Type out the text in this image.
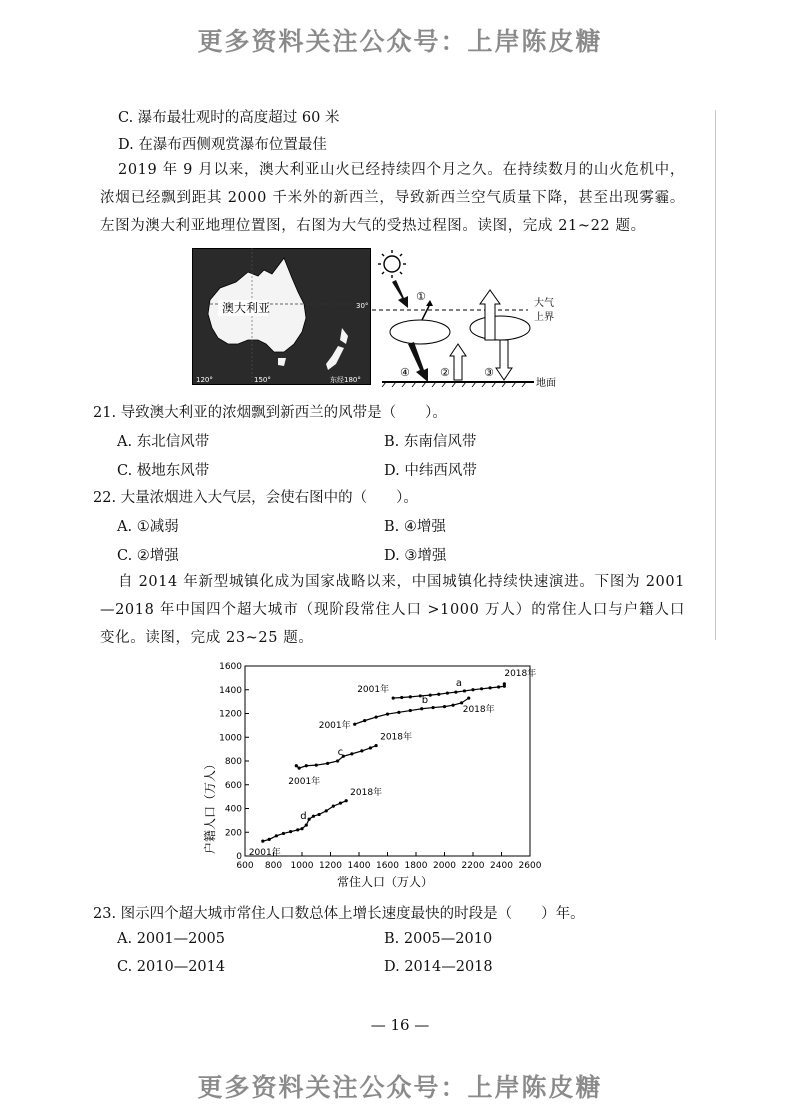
更多资料关注公众号：上岸陈皮糖
更多资料关注公众号：上岸陈皮糖
C. 瀑布最壮观时的高度超过 60 米
D. 在瀑布西侧观赏瀑布位置最佳
2019 年 9 月以来，澳大利亚山火已经持续四个月之久。在持续数月的山火危机中，浓烟已经飘到距其 2000 千米外的新西兰，导致新西兰空气质量下降，甚至出现雾霾。左图为澳大利亚地理位置图，右图为大气的受热过程图。读图，完成 21~22 题。
澳大利亚	30°
120°	150°	东经180°
大气
上界
①
④	②	③
地面
21. 导致澳大利亚的浓烟飘到新西兰的风带是（　　）。
A. 东北信风带	B. 东南信风带
C. 极地东风带	D. 中纬西风带
22. 大量浓烟进入大气层，会使右图中的（　　）。
A. ①减弱	B. ④增强
C. ②增强	D. ③增强
自 2014 年新型城镇化成为国家战略以来，中国城镇化持续快速演进。下图为 2001—2018 年中国四个超大城市（现阶段常住人口 >1000 万人）的常住人口与户籍人口变化。读图，完成 23~25 题。
600 800 1000 1200 1400 1600 1800 2000 2200 2400 2600
0
200
400
600
800
1000
1200
1400
1600
a
2001年
2018年
b
2001年
2018年
c
2001年
2018年
d
2001年
2018年
户籍人口（万人）
常住人口（万人）
23. 图示四个超大城市常住人口数总体上增长速度最快的时段是（　　）年。
A. 2001—2005	B. 2005—2010
C. 2010—2014	D. 2014—2018
— 16 —
